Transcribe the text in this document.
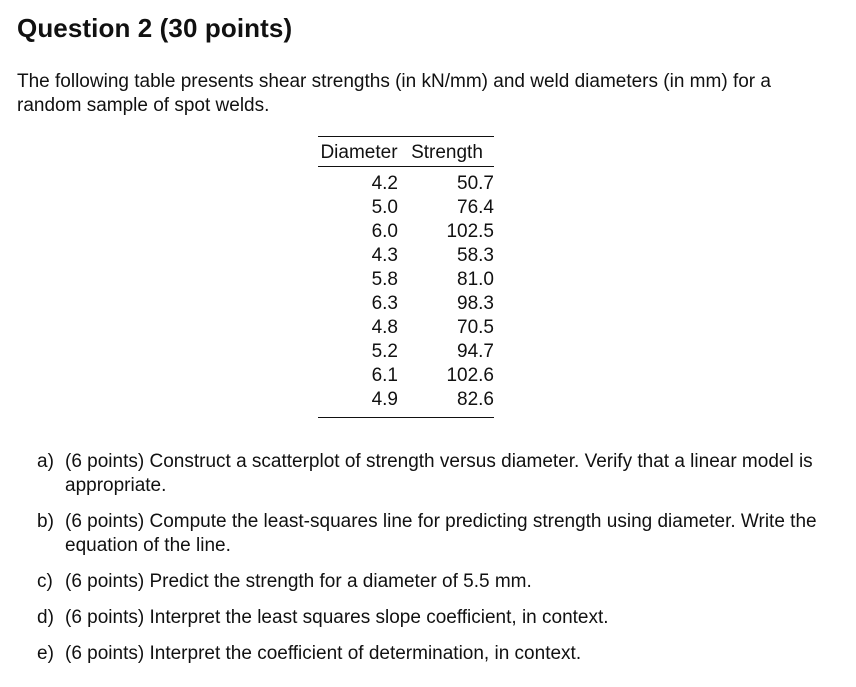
Question 2 (30 points)

The following table presents shear strengths (in kN/mm) and weld diameters (in mm) for a random sample of spot welds.

Diameter	Strength
4.2	50.7
5.0	76.4
6.0	102.5
4.3	58.3
5.8	81.0
6.3	98.3
4.8	70.5
5.2	94.7
6.1	102.6
4.9	82.6
a) (6 points) Construct a scatterplot of strength versus diameter. Verify that a linear model is appropriate.
b) (6 points) Compute the least-squares line for predicting strength using diameter. Write the equation of the line.
c) (6 points) Predict the strength for a diameter of 5.5 mm.
d) (6 points) Interpret the least squares slope coefficient, in context.
e) (6 points) Interpret the coefficient of determination, in context.
